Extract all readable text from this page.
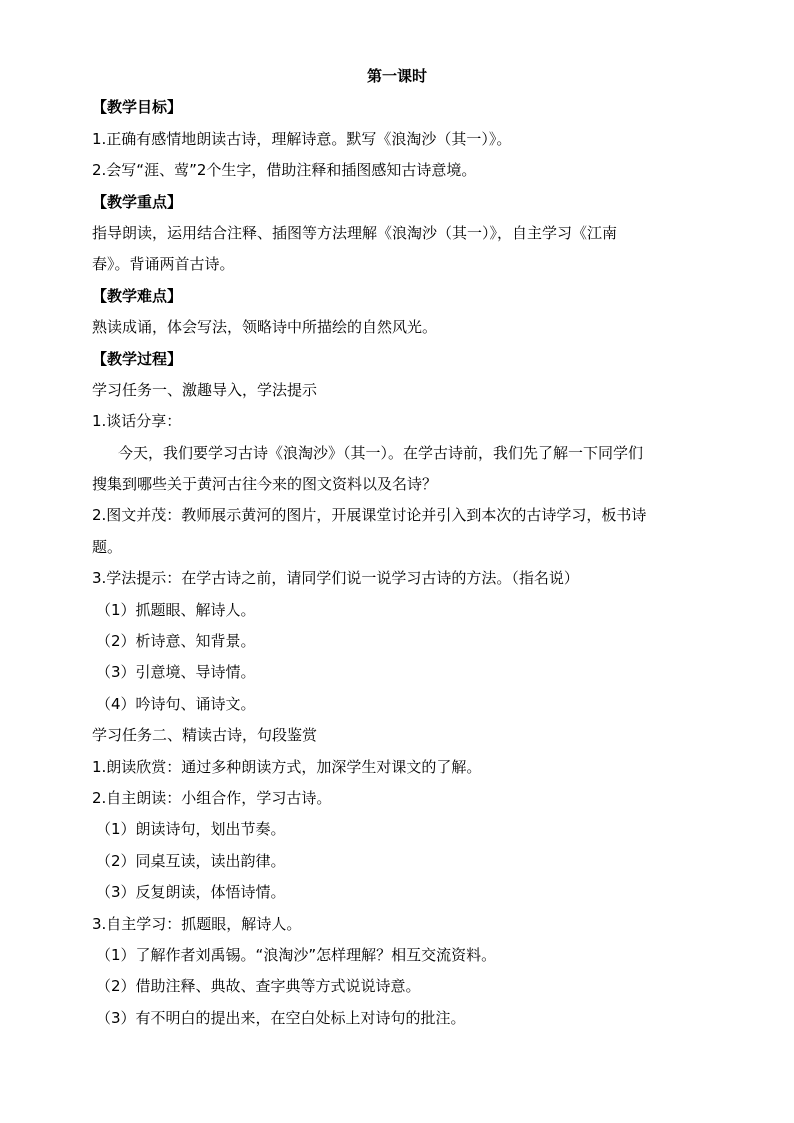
第一课时
【教学目标】
1.正确有感情地朗读古诗，理解诗意。默写《浪淘沙（其一）》。
2.会写“涯、莺”2个生字，借助注释和插图感知古诗意境。
【教学重点】
指导朗读，运用结合注释、插图等方法理解《浪淘沙（其一）》，自主学习《江南
春》。背诵两首古诗。
【教学难点】
熟读成诵，体会写法，领略诗中所描绘的自然风光。
【教学过程】
学习任务一、激趣导入，学法提示
1.谈话分享：
今天，我们要学习古诗《浪淘沙》（其一）。在学古诗前，我们先了解一下同学们
搜集到哪些关于黄河古往今来的图文资料以及名诗？
2.图文并茂：教师展示黄河的图片，开展课堂讨论并引入到本次的古诗学习，板书诗
题。
3.学法提示：在学古诗之前，请同学们说一说学习古诗的方法。（指名说）
（1）抓题眼、解诗人。
（2）析诗意、知背景。
（3）引意境、导诗情。
（4）吟诗句、诵诗文。
学习任务二、精读古诗，句段鉴赏
1.朗读欣赏：通过多种朗读方式，加深学生对课文的了解。
2.自主朗读：小组合作，学习古诗。
（1）朗读诗句，划出节奏。
（2）同桌互读，读出韵律。
（3）反复朗读，体悟诗情。
3.自主学习：抓题眼，解诗人。
（1）了解作者刘禹锡。“浪淘沙”怎样理解？相互交流资料。
（2）借助注释、典故、查字典等方式说说诗意。
（3）有不明白的提出来，在空白处标上对诗句的批注。
